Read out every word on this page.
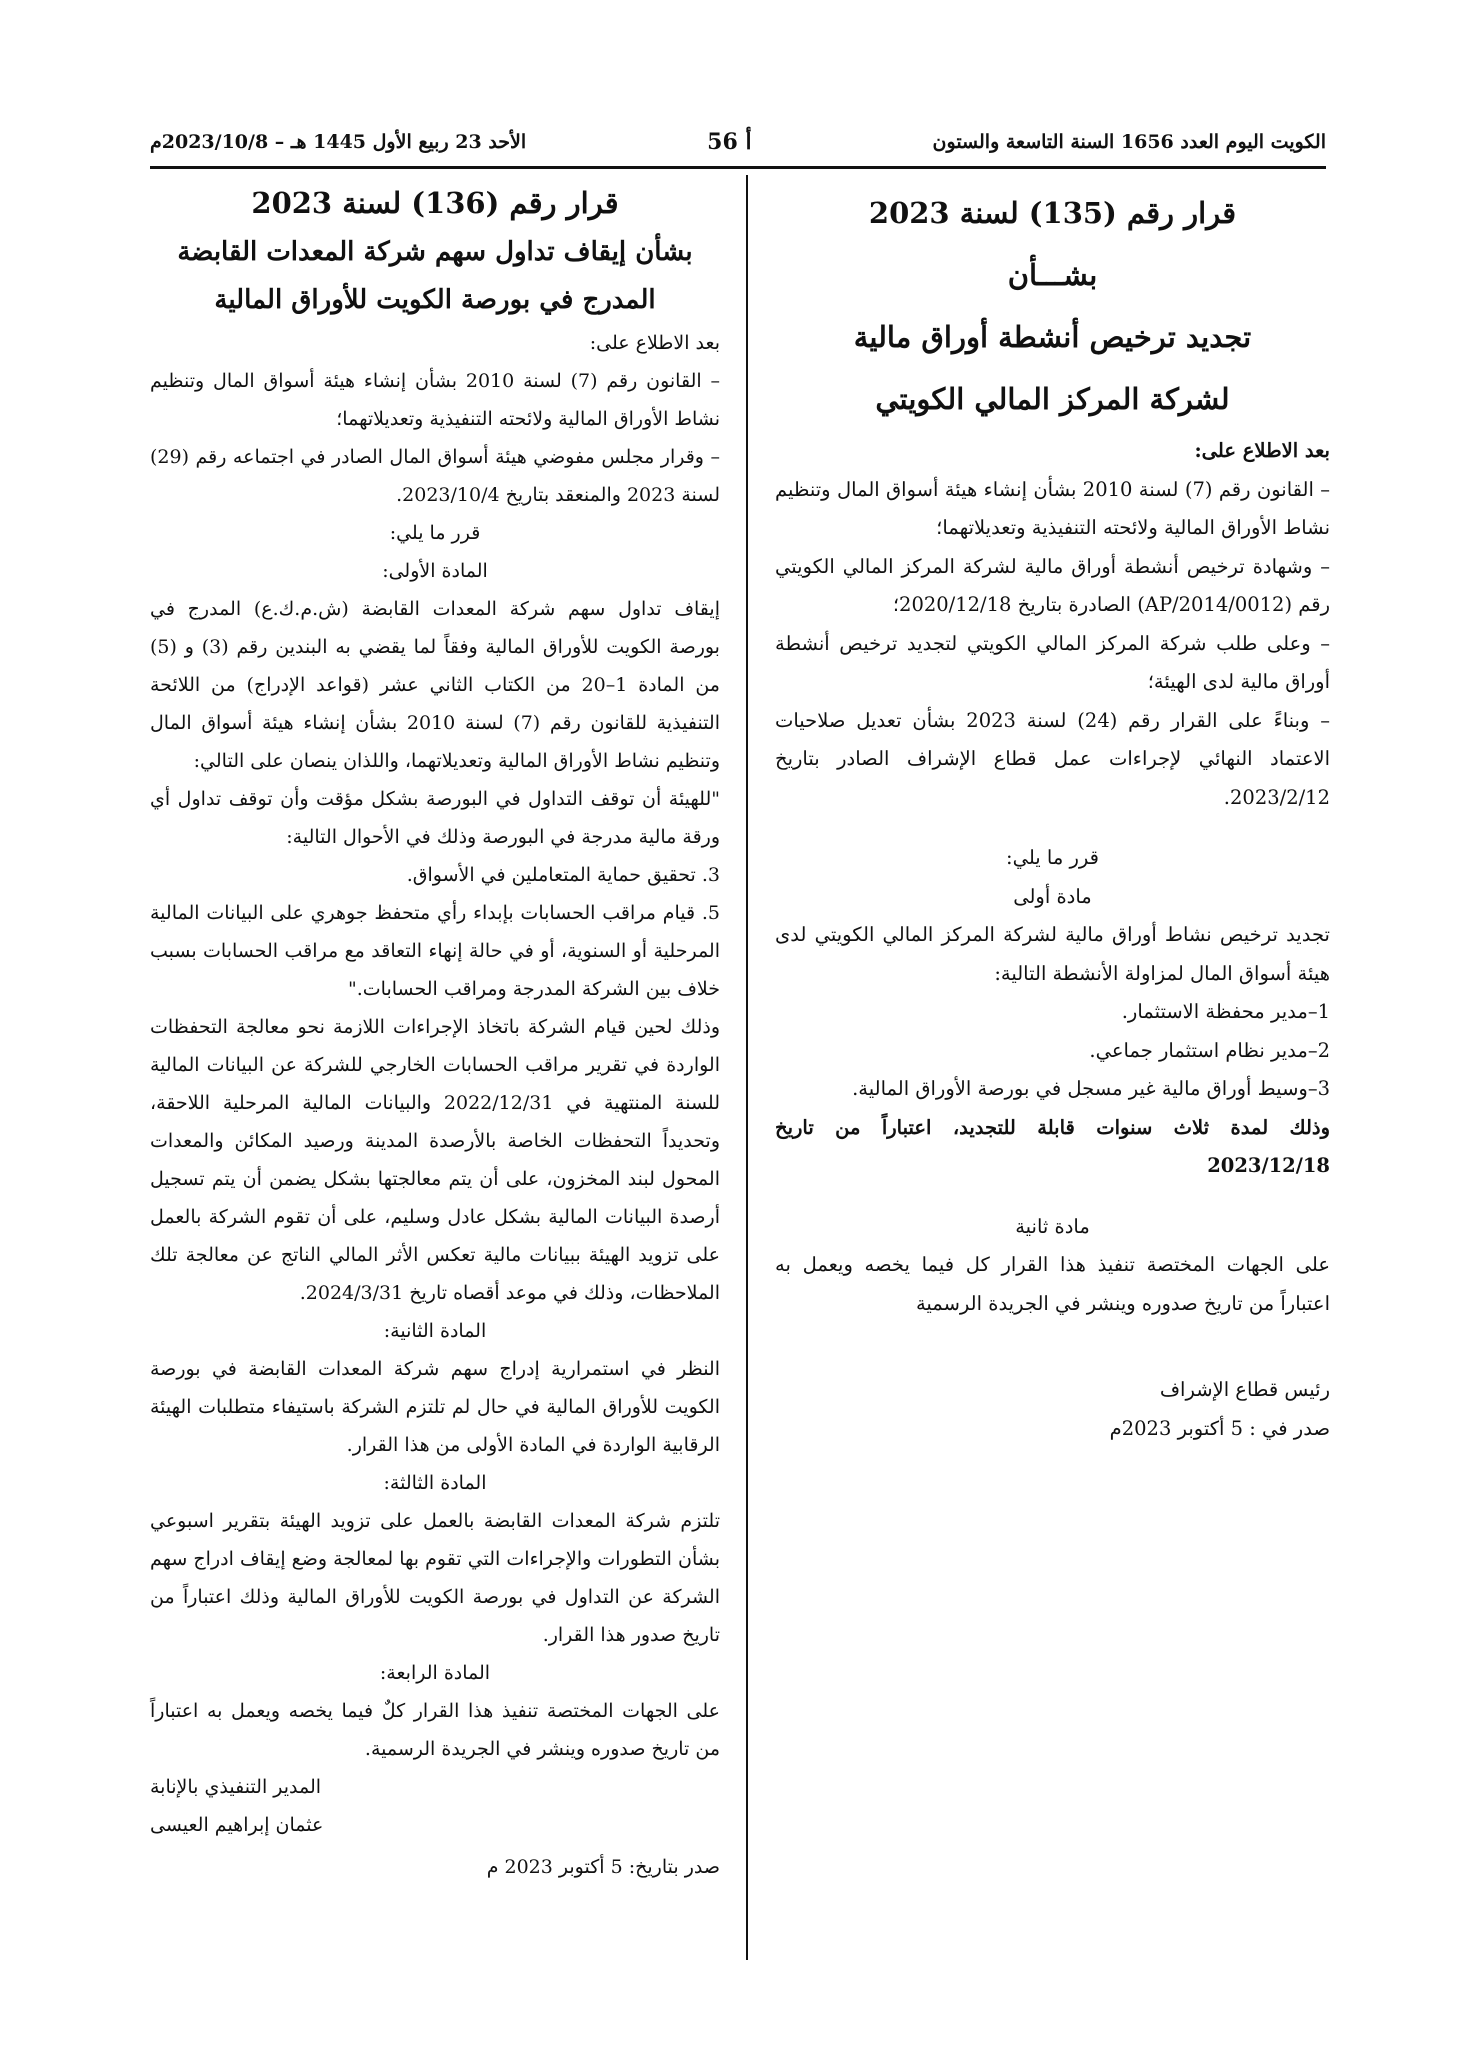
الكويت اليوم العدد 1656 السنة التاسعة والستون
أ 56
الأحد 23 ربيع الأول 1445 هـ – 2023/10/8م

قرار رقم (135) لسنة 2023

بشـــأن

تجديد ترخيص أنشطة أوراق مالية

لشركة المركز المالي الكويتي

بعد الاطلاع على:

– القانون رقم (7) لسنة 2010 بشأن إنشاء هيئة أسواق المال وتنظيم نشاط الأوراق المالية ولائحته التنفيذية وتعديلاتهما؛

– وشهادة ترخيص أنشطة أوراق مالية لشركة المركز المالي الكويتي رقم (AP/2014/0012) الصادرة بتاريخ 2020/12/18؛

– وعلى طلب شركة المركز المالي الكويتي لتجديد ترخيص أنشطة أوراق مالية لدى الهيئة؛

– وبناءً على القرار رقم (24) لسنة 2023 بشأن تعديل صلاحيات الاعتماد النهائي لإجراءات عمل قطاع الإشراف الصادر بتاريخ 2023/2/12.

قرر ما يلي:

مادة أولى

تجديد ترخيص نشاط أوراق مالية لشركة المركز المالي الكويتي لدى هيئة أسواق المال لمزاولة الأنشطة التالية:

1–مدير محفظة الاستثمار.

2–مدير نظام استثمار جماعي.

3–وسيط أوراق مالية غير مسجل في بورصة الأوراق المالية.

وذلك لمدة ثلاث سنوات قابلة للتجديد، اعتباراً من تاريخ 2023/12/18

مادة ثانية

على الجهات المختصة تنفيذ هذا القرار كل فيما يخصه ويعمل به اعتباراً من تاريخ صدوره وينشر في الجريدة الرسمية

رئيس قطاع الإشراف

صدر في : 5 أكتوبر 2023م

قرار رقم (136) لسنة 2023

بشأن إيقاف تداول سهم شركة المعدات القابضة

المدرج في بورصة الكويت للأوراق المالية

بعد الاطلاع على:

– القانون رقم (7) لسنة 2010 بشأن إنشاء هيئة أسواق المال وتنظيم نشاط الأوراق المالية ولائحته التنفيذية وتعديلاتهما؛

– وقرار مجلس مفوضي هيئة أسواق المال الصادر في اجتماعه رقم (29) لسنة 2023 والمنعقد بتاريخ 2023/10/4.

قرر ما يلي:

المادة الأولى:

إيقاف تداول سهم شركة المعدات القابضة (ش.م.ك.ع) المدرج في بورصة الكويت للأوراق المالية وفقاً لما يقضي به البندين رقم (3) و (5) من المادة 1–20 من الكتاب الثاني عشر (قواعد الإدراج) من اللائحة التنفيذية للقانون رقم (7) لسنة 2010 بشأن إنشاء هيئة أسواق المال وتنظيم نشاط الأوراق المالية وتعديلاتهما، واللذان ينصان على التالي:

"للهيئة أن توقف التداول في البورصة بشكل مؤقت وأن توقف تداول أي ورقة مالية مدرجة في البورصة وذلك في الأحوال التالية:

3. تحقيق حماية المتعاملين في الأسواق.

5. قيام مراقب الحسابات بإبداء رأي متحفظ جوهري على البيانات المالية المرحلية أو السنوية، أو في حالة إنهاء التعاقد مع مراقب الحسابات بسبب خلاف بين الشركة المدرجة ومراقب الحسابات."

وذلك لحين قيام الشركة باتخاذ الإجراءات اللازمة نحو معالجة التحفظات الواردة في تقرير مراقب الحسابات الخارجي للشركة عن البيانات المالية للسنة المنتهية في 2022/12/31 والبيانات المالية المرحلية اللاحقة، وتحديداً التحفظات الخاصة بالأرصدة المدينة ورصيد المكائن والمعدات المحول لبند المخزون، على أن يتم معالجتها بشكل يضمن أن يتم تسجيل أرصدة البيانات المالية بشكل عادل وسليم، على أن تقوم الشركة بالعمل على تزويد الهيئة ببيانات مالية تعكس الأثر المالي الناتج عن معالجة تلك الملاحظات، وذلك في موعد أقصاه تاريخ 2024/3/31.

المادة الثانية:

النظر في استمرارية إدراج سهم شركة المعدات القابضة في بورصة الكويت للأوراق المالية في حال لم تلتزم الشركة باستيفاء متطلبات الهيئة الرقابية الواردة في المادة الأولى من هذا القرار.

المادة الثالثة:

تلتزم شركة المعدات القابضة بالعمل على تزويد الهيئة بتقرير اسبوعي بشأن التطورات والإجراءات التي تقوم بها لمعالجة وضع إيقاف ادراج سهم الشركة عن التداول في بورصة الكويت للأوراق المالية وذلك اعتباراً من تاريخ صدور هذا القرار.

المادة الرابعة:

على الجهات المختصة تنفيذ هذا القرار كلٌ فيما يخصه ويعمل به اعتباراً من تاريخ صدوره وينشر في الجريدة الرسمية.

المدير التنفيذي بالإنابة

عثمان إبراهيم العيسى

صدر بتاريخ: 5 أكتوبر 2023 م
